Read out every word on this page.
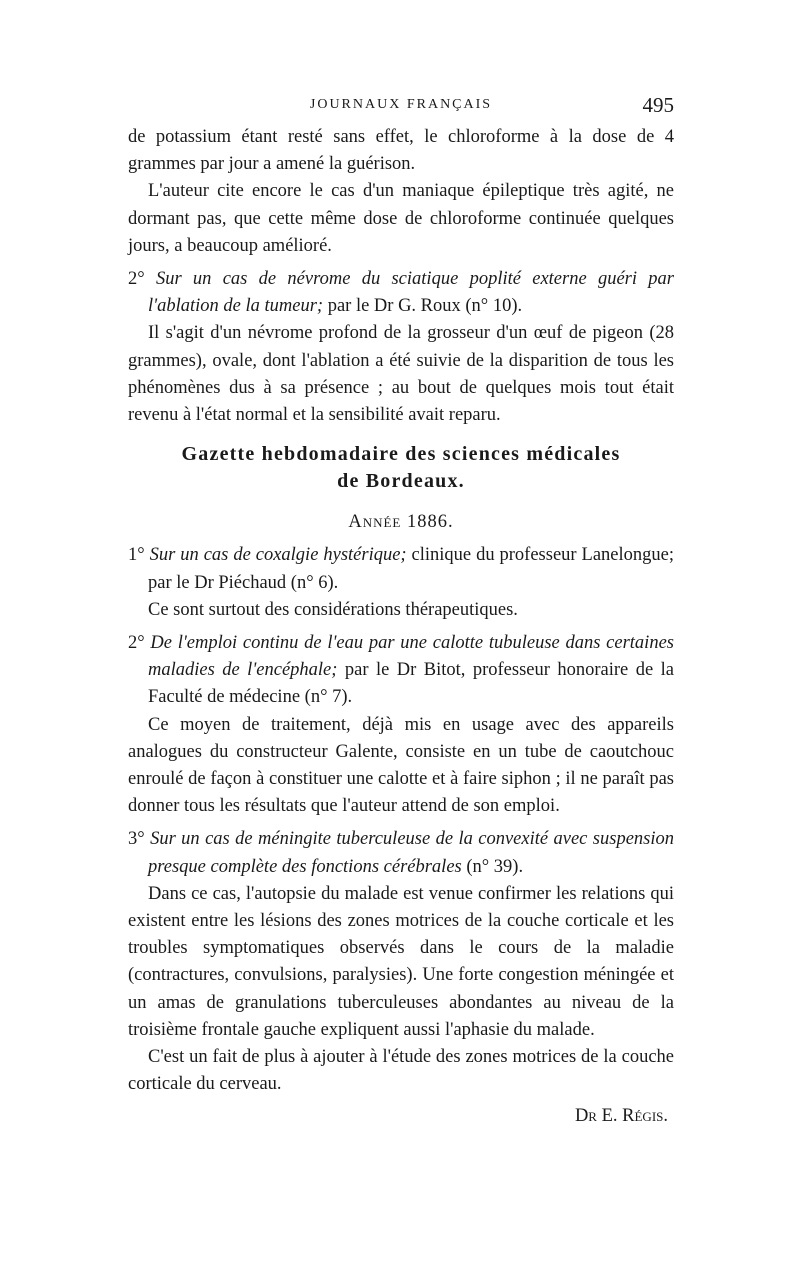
JOURNAUX FRANÇAIS	495

de potassium étant resté sans effet, le chloroforme à la dose de 4 grammes par jour a amené la guérison.

L'auteur cite encore le cas d'un maniaque épileptique très agité, ne dormant pas, que cette même dose de chloroforme continuée quelques jours, a beaucoup amélioré.

2° Sur un cas de névrome du sciatique poplité externe guéri par l'ablation de la tumeur; par le Dr G. Roux (n° 10).

Il s'agit d'un névrome profond de la grosseur d'un œuf de pigeon (28 grammes), ovale, dont l'ablation a été suivie de la disparition de tous les phénomènes dus à sa présence ; au bout de quelques mois tout était revenu à l'état normal et la sensibilité avait reparu.

Gazette hebdomadaire des sciences médicales
de Bordeaux.

Année 1886.

1° Sur un cas de coxalgie hystérique; clinique du professeur Lanelongue; par le Dr Piéchaud (n° 6).

Ce sont surtout des considérations thérapeutiques.

2° De l'emploi continu de l'eau par une calotte tubuleuse dans certaines maladies de l'encéphale; par le Dr Bitot, professeur honoraire de la Faculté de médecine (n° 7).

Ce moyen de traitement, déjà mis en usage avec des appareils analogues du constructeur Galente, consiste en un tube de caoutchouc enroulé de façon à constituer une calotte et à faire siphon ; il ne paraît pas donner tous les résultats que l'auteur attend de son emploi.

3° Sur un cas de méningite tuberculeuse de la convexité avec suspension presque complète des fonctions cérébrales (n° 39).

Dans ce cas, l'autopsie du malade est venue confirmer les relations qui existent entre les lésions des zones motrices de la couche corticale et les troubles symptomatiques observés dans le cours de la maladie (contractures, convulsions, paralysies). Une forte congestion méningée et un amas de granulations tuberculeuses abondantes au niveau de la troisième frontale gauche expliquent aussi l'aphasie du malade.

C'est un fait de plus à ajouter à l'étude des zones motrices de la couche corticale du cerveau.

Dr E. Régis.
